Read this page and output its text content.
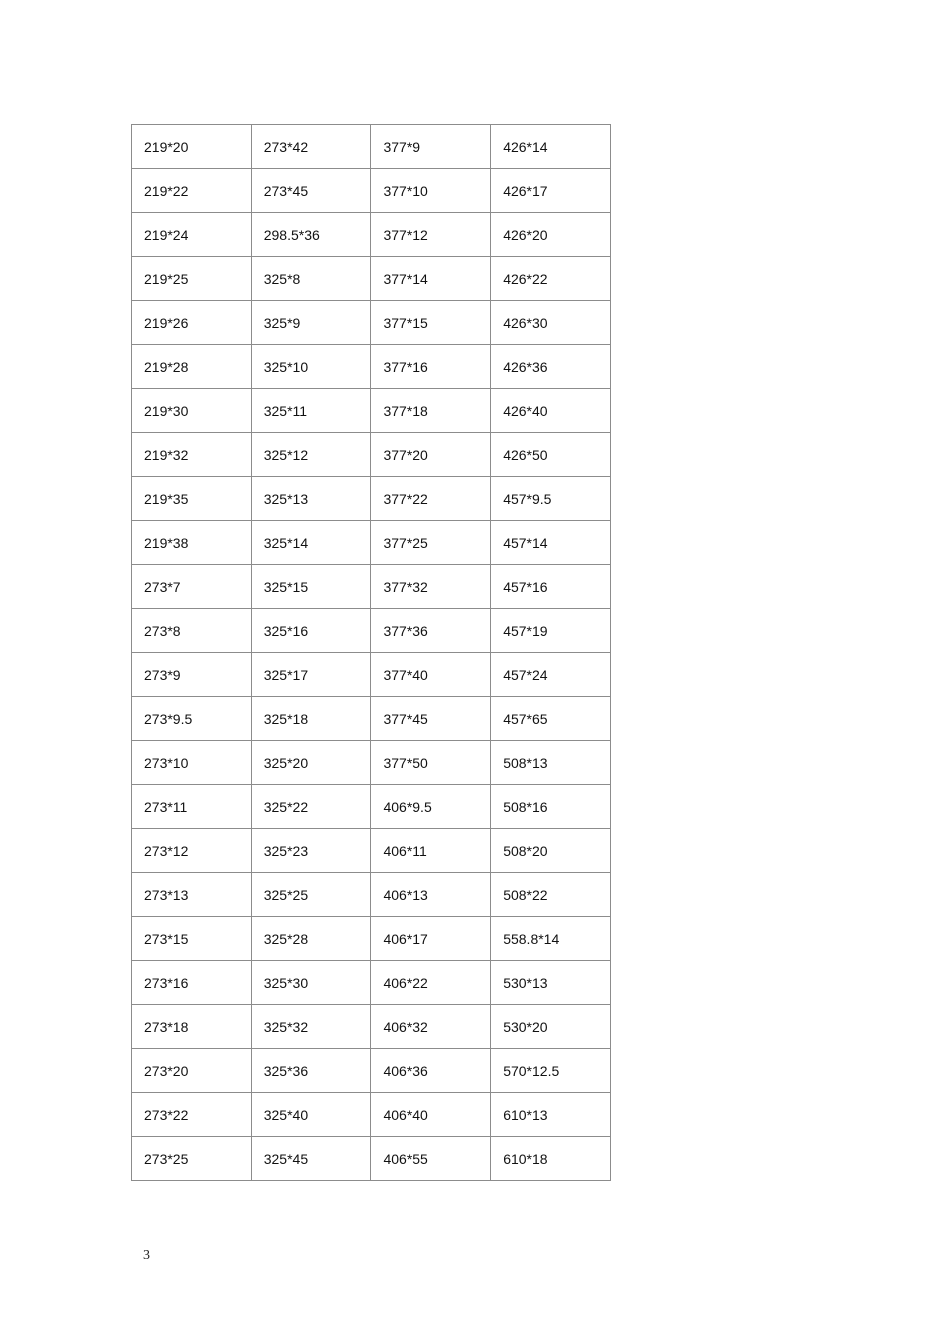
219*20	273*42	377*9	426*14
219*22	273*45	377*10	426*17
219*24	298.5*36	377*12	426*20
219*25	325*8	377*14	426*22
219*26	325*9	377*15	426*30
219*28	325*10	377*16	426*36
219*30	325*11	377*18	426*40
219*32	325*12	377*20	426*50
219*35	325*13	377*22	457*9.5
219*38	325*14	377*25	457*14
273*7	325*15	377*32	457*16
273*8	325*16	377*36	457*19
273*9	325*17	377*40	457*24
273*9.5	325*18	377*45	457*65
273*10	325*20	377*50	508*13
273*11	325*22	406*9.5	508*16
273*12	325*23	406*11	508*20
273*13	325*25	406*13	508*22
273*15	325*28	406*17	558.8*14
273*16	325*30	406*22	530*13
273*18	325*32	406*32	530*20
273*20	325*36	406*36	570*12.5
273*22	325*40	406*40	610*13
273*25	325*45	406*55	610*18
3
